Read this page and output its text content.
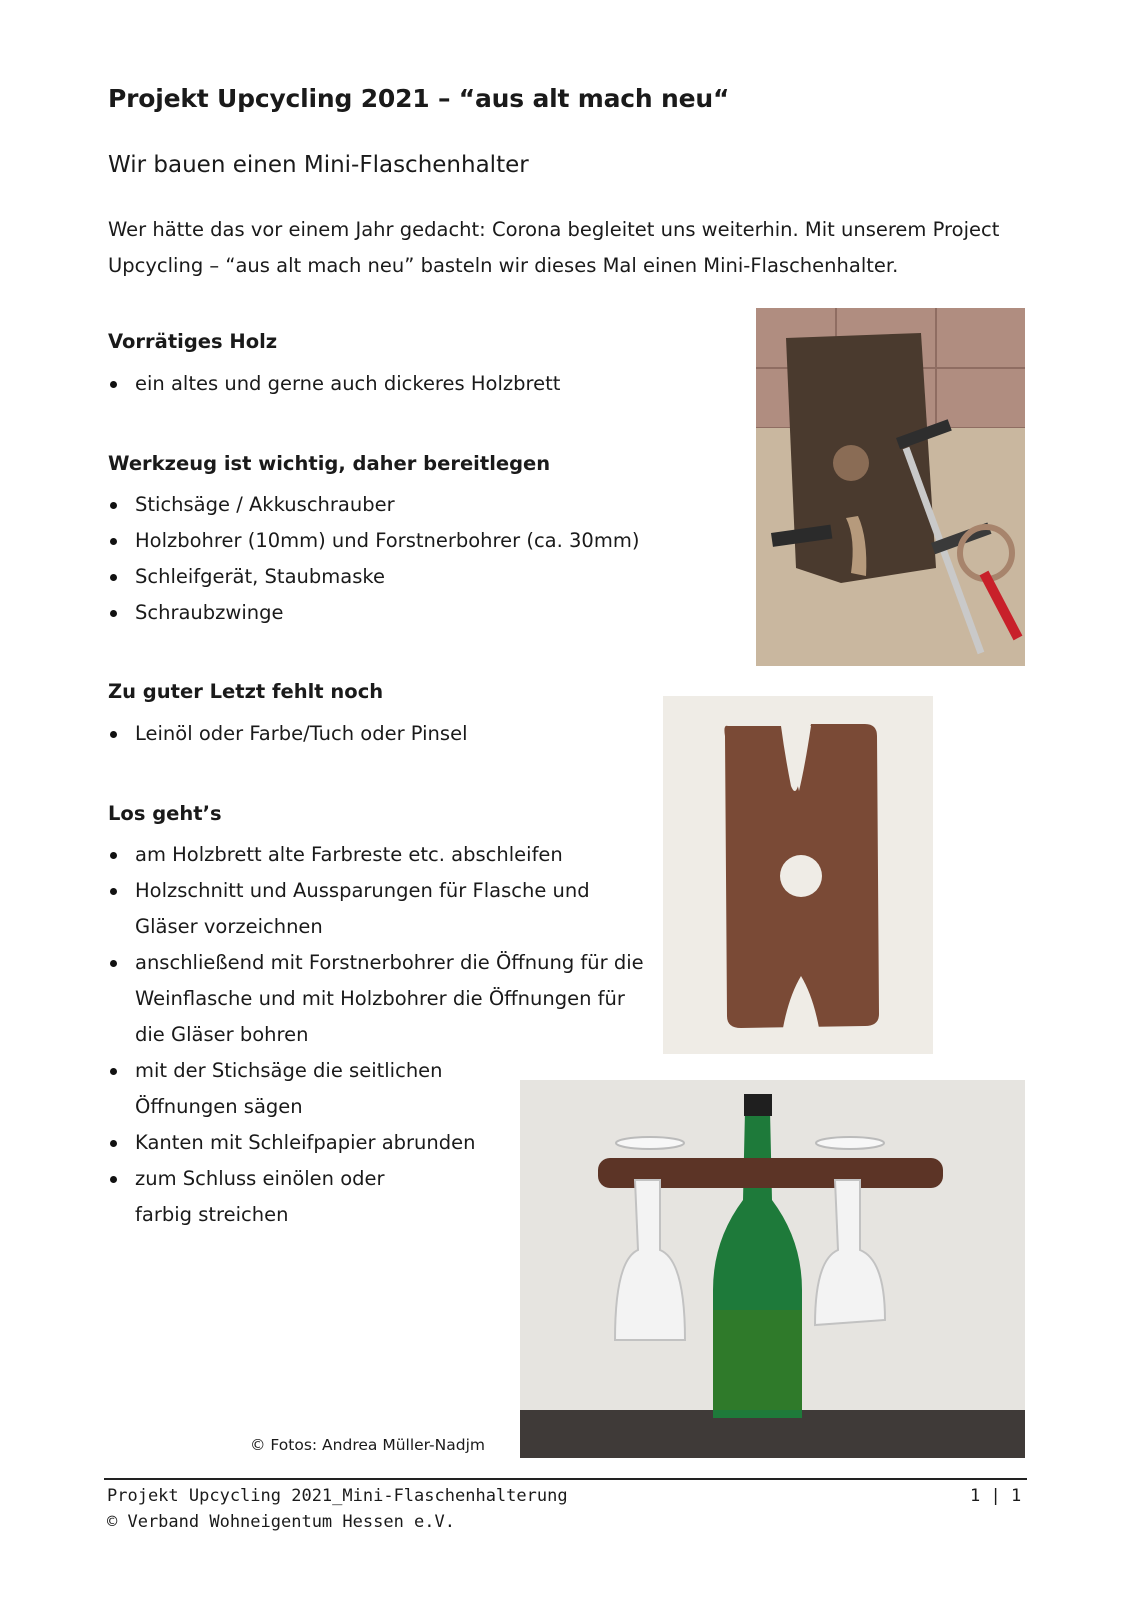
Projekt Upcycling 2021 – “aus alt mach neu“
Wir bauen einen Mini-Flaschenhalter
Wer hätte das vor einem Jahr gedacht: Corona begleitet uns weiterhin. Mit unserem Project
Upcycling – “aus alt mach neu” basteln wir dieses Mal einen Mini-Flaschenhalter.
Vorrätiges Holz
ein altes und gerne auch dickeres Holzbrett
Werkzeug ist wichtig, daher bereitlegen
Stichsäge / Akkuschrauber
Holzbohrer (10mm) und Forstnerbohrer (ca. 30mm)
Schleifgerät, Staubmaske
Schraubzwinge
Zu guter Letzt fehlt noch
Leinöl oder Farbe/Tuch oder Pinsel
Los geht’s
am Holzbrett alte Farbreste etc. abschleifen
Holzschnitt und Aussparungen für Flasche und
Gläser vorzeichnen
anschließend mit Forstnerbohrer die Öffnung für die
Weinflasche und mit Holzbohrer die Öffnungen für
die Gläser bohren
mit der Stichsäge die seitlichen
Öffnungen sägen
Kanten mit Schleifpapier abrunden
zum Schluss einölen oder
farbig streichen
© Fotos: Andrea Müller-Nadjm
Projekt Upcycling 2021_Mini-Flaschenhalterung
© Verband Wohneigentum Hessen e.V.
1 | 1
